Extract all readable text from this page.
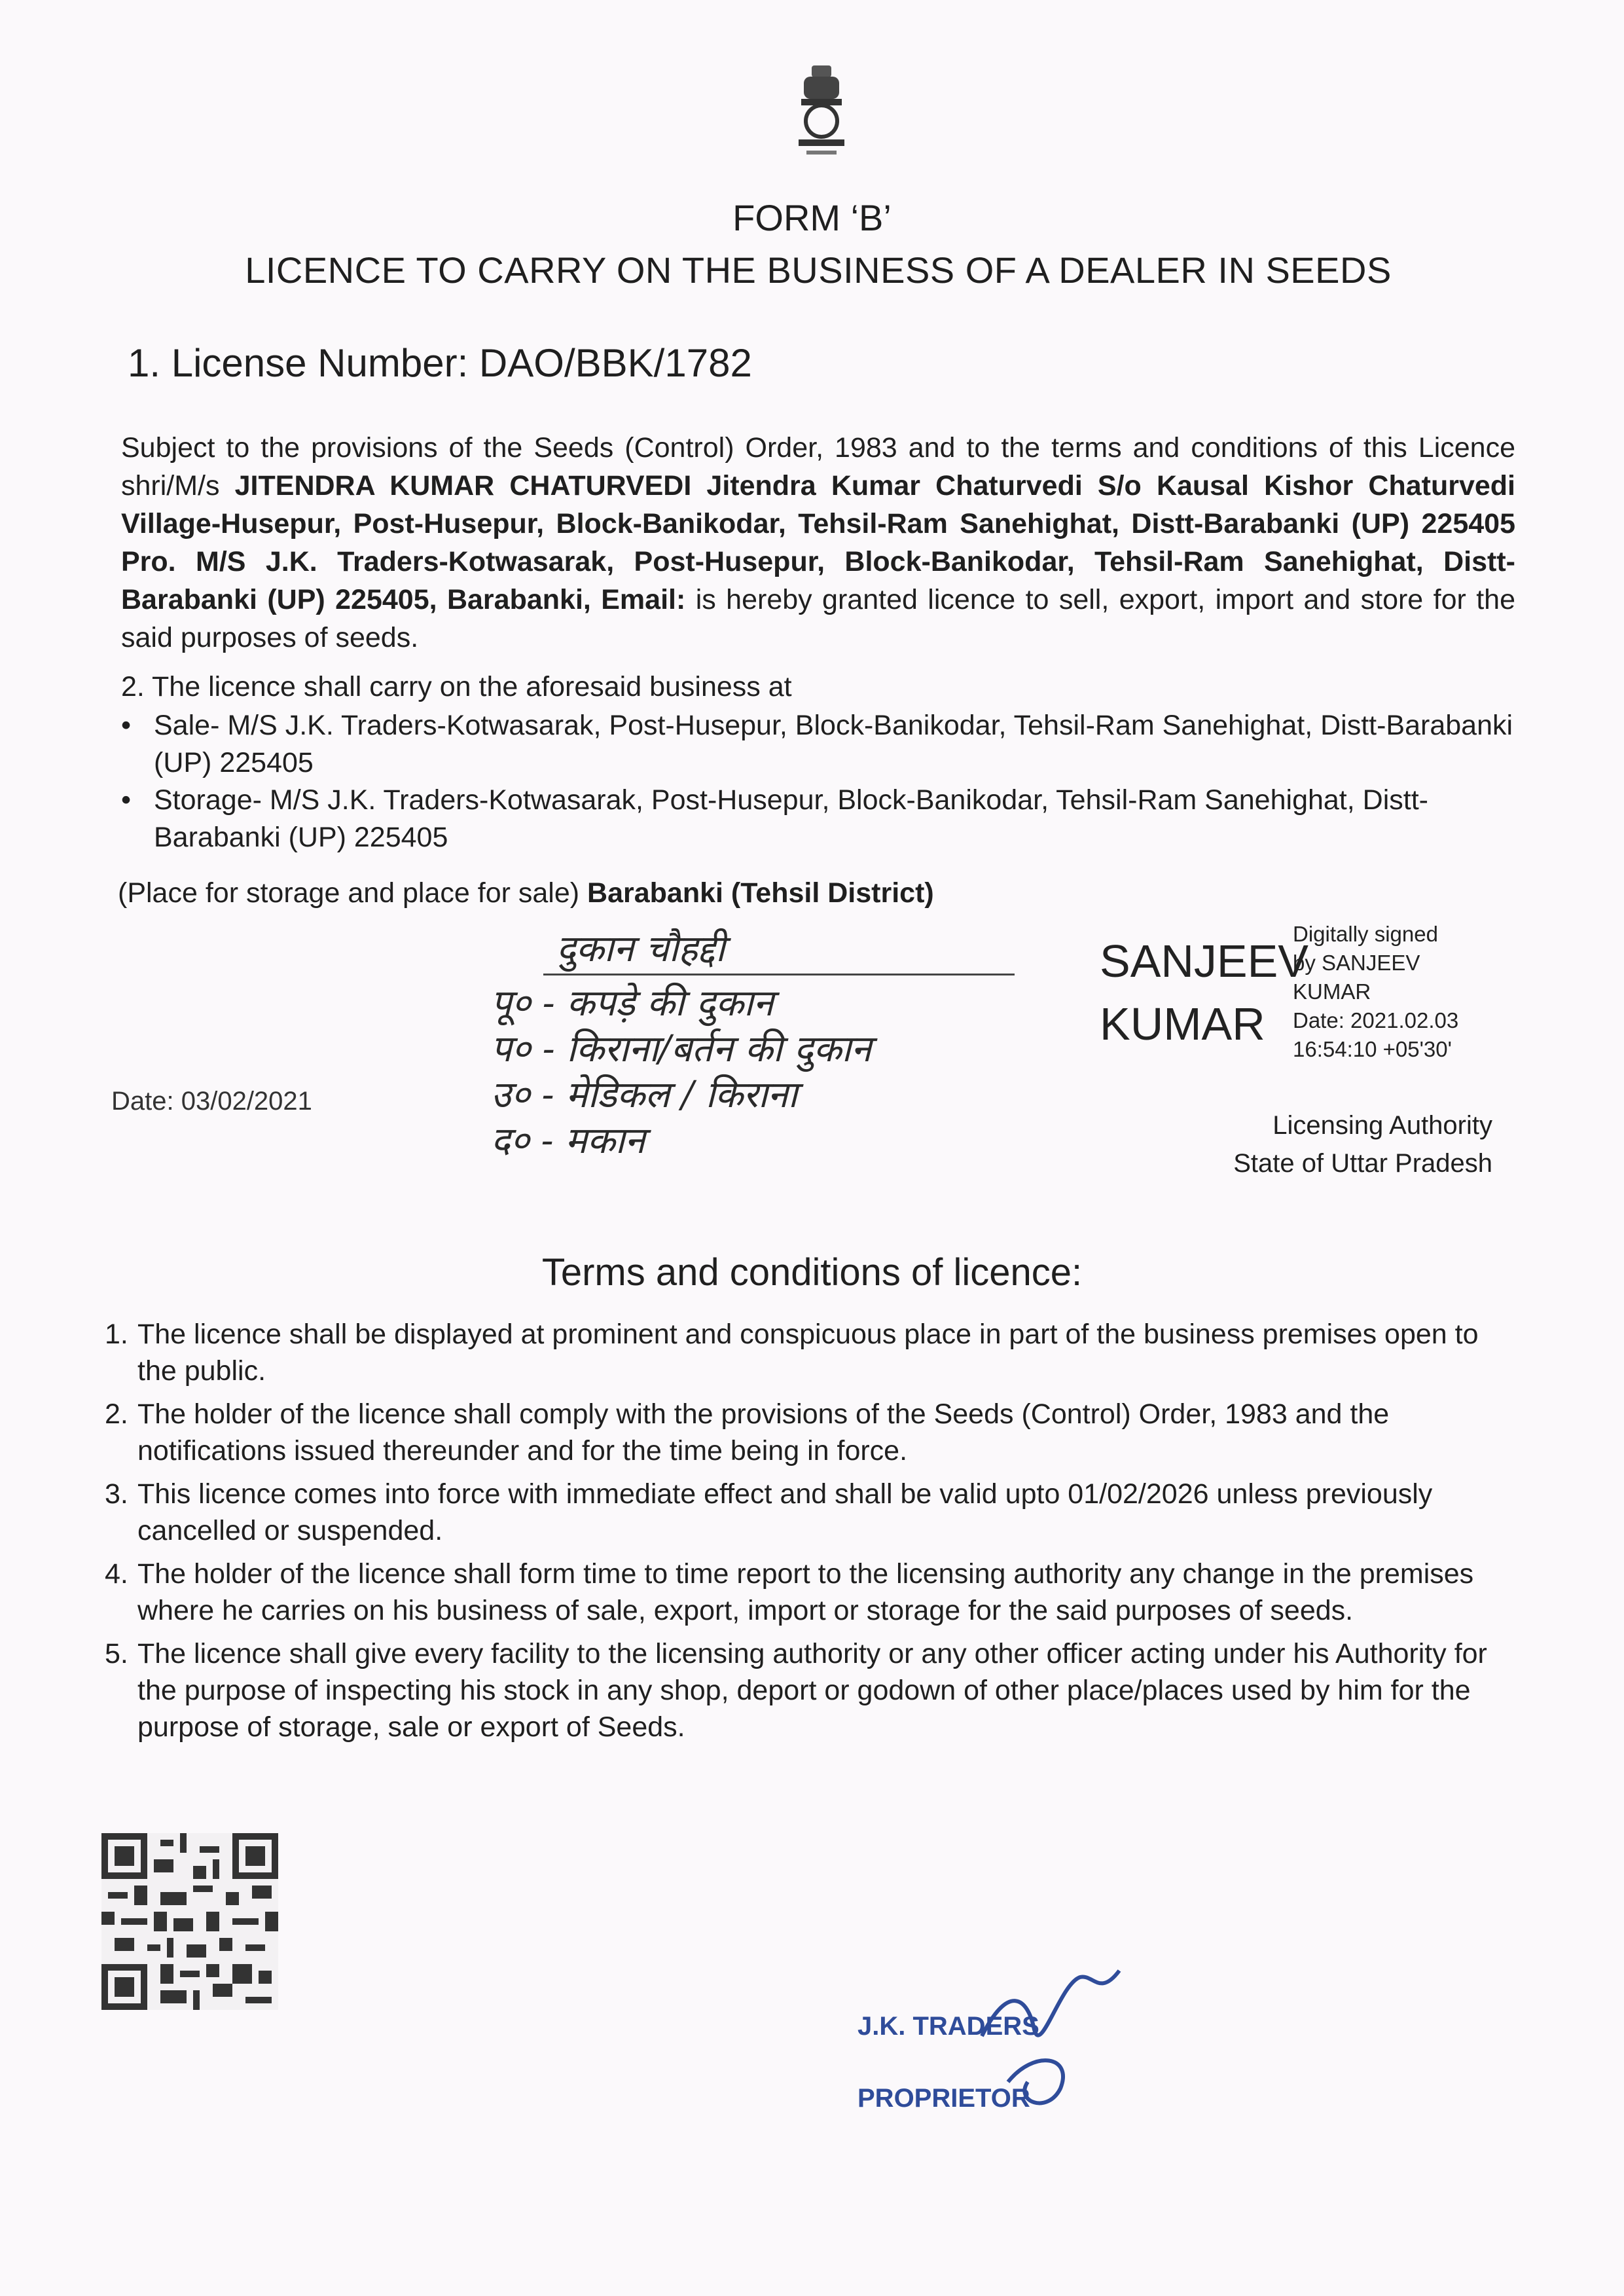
FORM ‘B’
LICENCE TO CARRY ON THE BUSINESS OF A DEALER IN SEEDS
1. License Number: DAO/BBK/1782
Subject to the provisions of the Seeds (Control) Order, 1983 and to the terms and conditions of this Licence shri/M/s JITENDRA KUMAR CHATURVEDI Jitendra Kumar Chaturvedi S/o Kausal Kishor Chaturvedi Village-Husepur, Post-Husepur, Block-Banikodar, Tehsil-Ram Sanehighat, Distt-Barabanki (UP) 225405 Pro. M/S J.K. Traders-Kotwasarak, Post-Husepur, Block-Banikodar, Tehsil-Ram Sanehighat, Distt-Barabanki (UP) 225405, Barabanki, Email: is hereby granted licence to sell, export, import and store for the said purposes of seeds.
2. The licence shall carry on the aforesaid business at
• Sale- M/S J.K. Traders-Kotwasarak, Post-Husepur, Block-Banikodar, Tehsil-Ram Sanehighat, Distt-Barabanki (UP) 225405
• Storage- M/S J.K. Traders-Kotwasarak, Post-Husepur, Block-Banikodar, Tehsil-Ram Sanehighat, Distt-Barabanki (UP) 225405
(Place for storage and place for sale) Barabanki (Tehsil District)
दुकान चौहद्दी
पू० - कपड़े की दुकान
प० - किराना/बर्तन की दुकान
उ० - मेडिकल / किराना
द० - मकान
Date: 03/02/2021
SANJEEV
KUMAR
Digitally signed
by SANJEEV
KUMAR
Date: 2021.02.03
16:54:10 +05'30'
Licensing Authority
State of Uttar Pradesh
Terms and conditions of licence:
1. The licence shall be displayed at prominent and conspicuous place in part of the business premises open to the public.
2. The holder of the licence shall comply with the provisions of the Seeds (Control) Order, 1983 and the notifications issued thereunder and for the time being in force.
3. This licence comes into force with immediate effect and shall be valid upto 01/02/2026 unless previously cancelled or suspended.
4. The holder of the licence shall form time to time report to the licensing authority any change in the premises where he carries on his business of sale, export, import or storage for the said purposes of seeds.
5. The licence shall give every facility to the licensing authority or any other officer acting under his Authority for the purpose of inspecting his stock in any shop, deport or godown of other place/places used by him for the purpose of storage, sale or export of Seeds.
J.K. TRADERS
PROPRIETOR
